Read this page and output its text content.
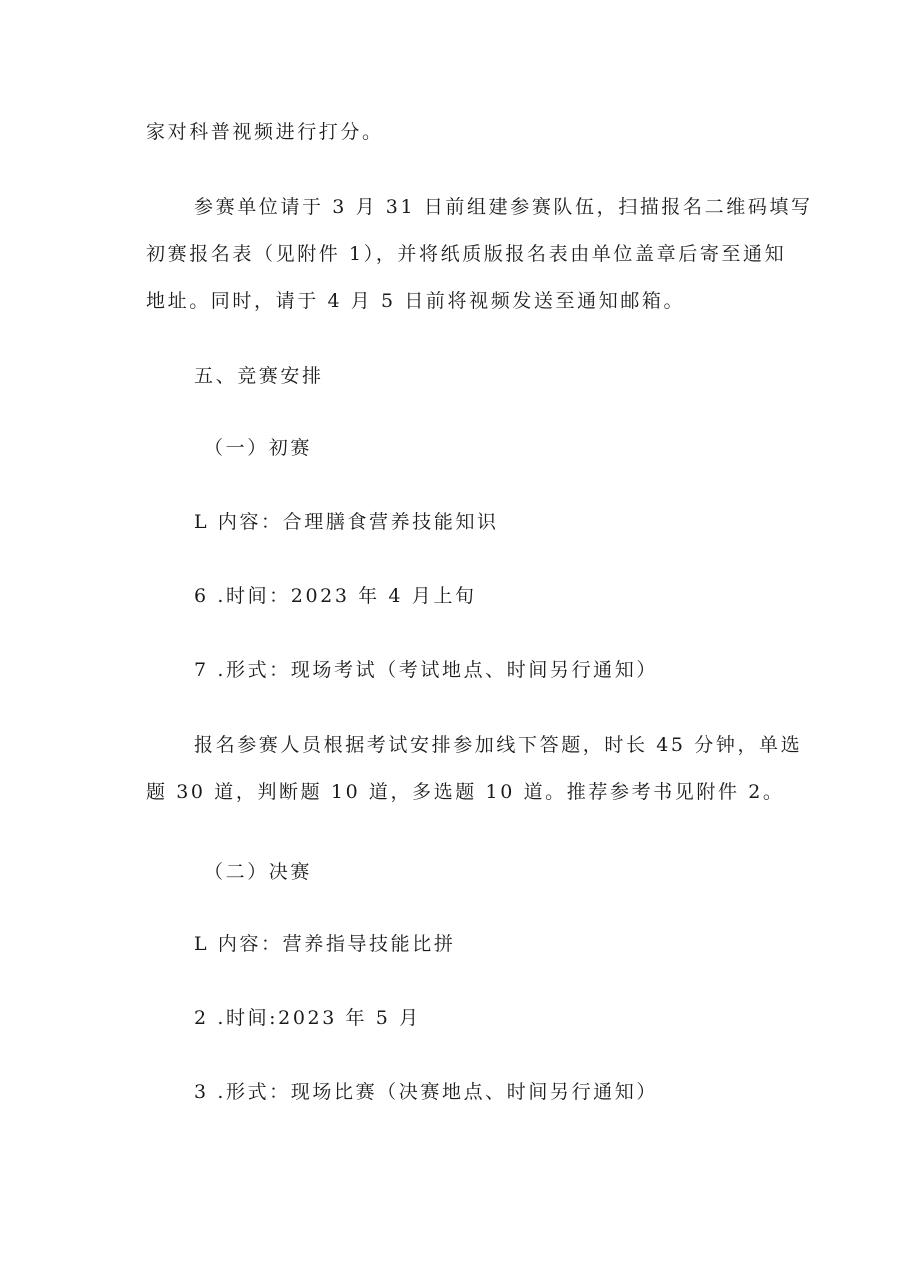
家对科普视频进行打分。
参赛单位请于 3 月 31 日前组建参赛队伍，扫描报名二维码填写
初赛报名表（见附件 1），并将纸质版报名表由单位盖章后寄至通知
地址。同时，请于 4 月 5 日前将视频发送至通知邮箱。
五、竞赛安排
（一）初赛
L 内容：合理膳食营养技能知识
6 .时间：2023 年 4 月上旬
7 .形式：现场考试（考试地点、时间另行通知）
报名参赛人员根据考试安排参加线下答题，时长 45 分钟，单选
题 30 道，判断题 10 道，多选题 10 道。推荐参考书见附件 2。
（二）决赛
L 内容：营养指导技能比拼
2 .时间:2023 年 5 月
3 .形式：现场比赛（决赛地点、时间另行通知）
